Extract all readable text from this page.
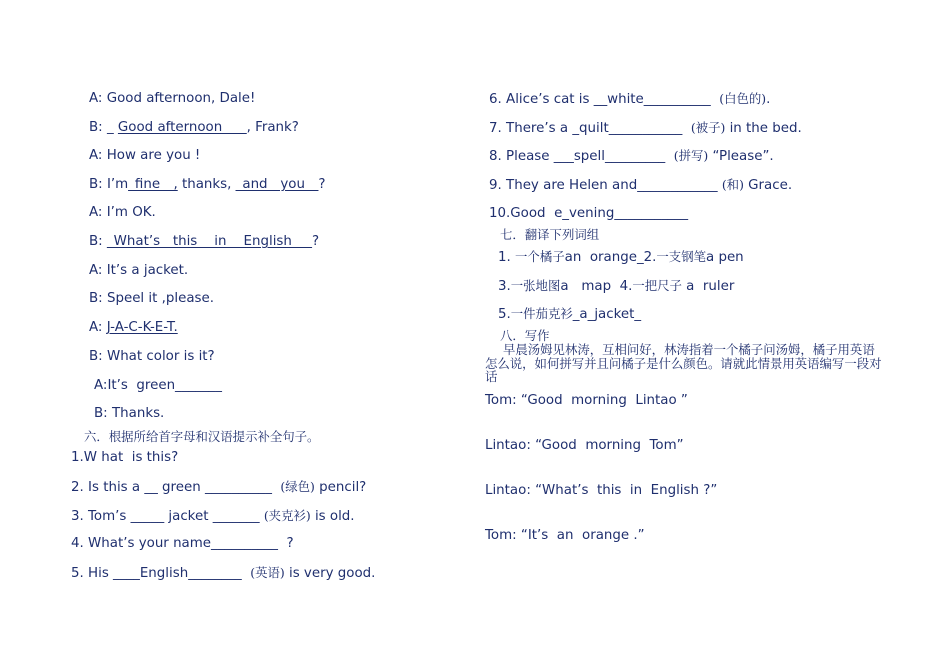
A: Good afternoon, Dale!
B: _ Good afternoon ___, Frank?
A: How are you !
B: I’m_fine__, thanks, _and   you__?
A: I’m OK.
B: _What’s   this    in    English___?
A: It’s a jacket.
B: Speel it ,please.
A: J-A-C-K-E-T.
B: What color is it?
A:It’s  green_______
B: Thanks.
六．根据所给首字母和汉语提示补全句子。
1.W hat  is this?
2. Is this a __ green __________  (绿色) pencil?
3. Tom’s _____ jacket _______ (夹克衫) is old.
4. What’s your name__________  ?
5. His ____English________  (英语) is very good.
6. Alice’s cat is __white__________  (白色的).
7. There’s a _quilt___________  (被子) in the bed.
8. Please ___spell_________  (拼写) “Please”.
9. They are Helen and____________ (和) Grace.
10.Good  e_vening___________
七．翻译下列词组
1. 一个橘子an  orange_2.一支钢笔a pen
3.一张地图a   map  4.一把尺子 a  ruler
5.一件茄克衫_a_jacket_
八．写作
早晨汤姆见林涛，互相问好，林涛指着一个橘子问汤姆，橘子用英语怎么说，如何拼写并且问橘子是什么颜色。请就此情景用英语编写一段对话
Tom: “Good  morning  Lintao ”
Lintao: “Good  morning  Tom”
Lintao: “What’s  this  in  English ?”
Tom: “It’s  an  orange .”
